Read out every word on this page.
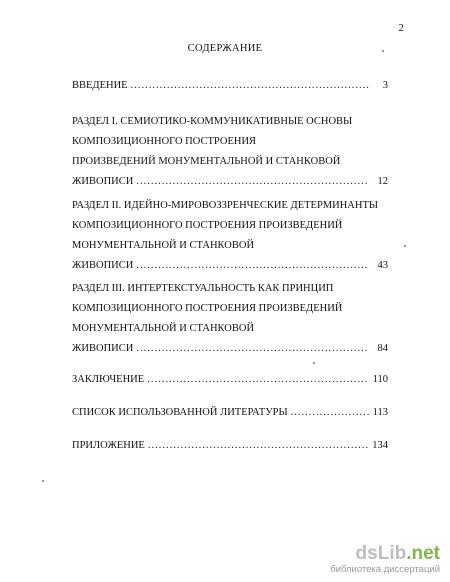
2
СОДЕРЖАНИЕ
ВВЕДЕНИЕ .....	3
РАЗДЕЛ I. СЕМИОТИКО-КОММУНИКАТИВНЫЕ ОСНОВЫ
КОМПОЗИЦИОННОГО ПОСТРОЕНИЯ
ПРОИЗВЕДЕНИЙ МОНУМЕНТАЛЬНОЙ И СТАНКОВОЙ
ЖИВОПИСИ .....	12
РАЗДЕЛ II. ИДЕЙНО-МИРОВОЗЗРЕНЧЕСКИЕ ДЕТЕРМИНАНТЫ
КОМПОЗИЦИОННОГО ПОСТРОЕНИЯ ПРОИЗВЕДЕНИЙ
МОНУМЕНТАЛЬНОЙ И СТАНКОВОЙ
ЖИВОПИСИ .....	43
РАЗДЕЛ III. ИНТЕРТЕКСТУАЛЬНОСТЬ КАК ПРИНЦИП
КОМПОЗИЦИОННОГО ПОСТРОЕНИЯ ПРОИЗВЕДЕНИЙ
МОНУМЕНТАЛЬНОЙ И СТАНКОВОЙ
ЖИВОПИСИ .....	84
ЗАКЛЮЧЕНИЕ .....	110
СПИСОК ИСПОЛЬЗОВАННОЙ ЛИТЕРАТУРЫ .....	113
ПРИЛОЖЕНИЕ .....	134
dsLib.net
библиотека диссертаций
